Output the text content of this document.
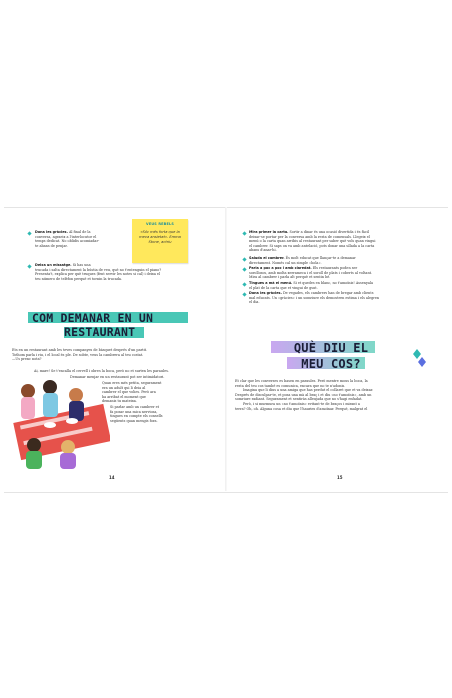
Dona les gràcies. Al final de la
conversa, agraeix a l'interlocutor el
temps dedicat. No oblidis acomiadar-
te abans de penjar.
Deixa un missatge. Si has una
trucada i salta directament la bústia de veu, què no t'entenguin el piano?
Presenta't, explica per què truques (fent servir les notes si cal) i deixa el
teu número de telèfon perquè et tornin la trucada.
VEUS REBELS
«Sóc més forta que la meva ansietat». Emma Stone, actriu
COM DEMANAR EN UN
RESTAURANT
Ets en un restaurant amb les teves companyes de bàsquet després d'un partit.
Tothom parla i riu, i el local és ple. De sobte, veus la cambrera al teu costat.
—Us prenc nota?
Ai, mare! Se t'encalla el cervell i obres la boca, però no et surten les paraules.
Demanar menjar en un restaurant pot ser intimidatori.
Quan eres més petita, segurament
era un adult qui li deia al
cambrer el que volies. Però ara
ha arribat el moment que
demanis tu mateixa.
Si parlar amb un cambrer et
fa posar una mica nerviosa,
tingues en compte els consells
següents quan mengis fora.
14
Mira primer la carta. Sortir a dinar és una ocasió divertida i és fàcil
deixar-se portar per la conversa amb la resta de comensals. Llegeix el
menú o la carta quan arribis al restaurant per saber què vols quan vingui
el cambrer. Si saps on va amb antelació, pots donar una ullada a la carta
abans d'anar-hi.
Saluda el cambrer. És molt educat que llançar-te a demanar
directament. Només cal un simple «hola».
Parla a poc a poc i amb claredat. Els restaurants poden ser
sorollosos, amb molta xerrameca i el soroll de plats i coberts al voltant.
Mira al cambrer i parla alt perquè et sentin bé.
Tingues a mà el menú. Si et quedes en blanc, no t'amoïnis! Assenyala
el plat de la carta que et vingui de gust.
Dona les gràcies. De vegades, els cambrers han de bregar amb clients
mal educats. Un «gràcies» i un somriure els demostren estima i els alegren
el dia.
QUÈ DIU EL
MEU COS?
Et clar que les converses es basen en paraules. Però mentre mous la boca, la
resta del teu cos també es comunica, encara que no te n'adonis.
Imagina que li dius a una amiga que has perdut el collaret que et va deixar.
Després de disculpar-te, et posa una mà al braç i et diu «no t'amoïnis», amb un
somriure radiant. Segurament et sentiràs alleujada que no s'hagi enfadat.
Però, i si murmura un «no t'amoïnis» evitant-te de braços i mirant a
terra? Oh, oh. Alguna cosa et diu que l'hauries d'amoïnar. Perquè, malgrat el
15
